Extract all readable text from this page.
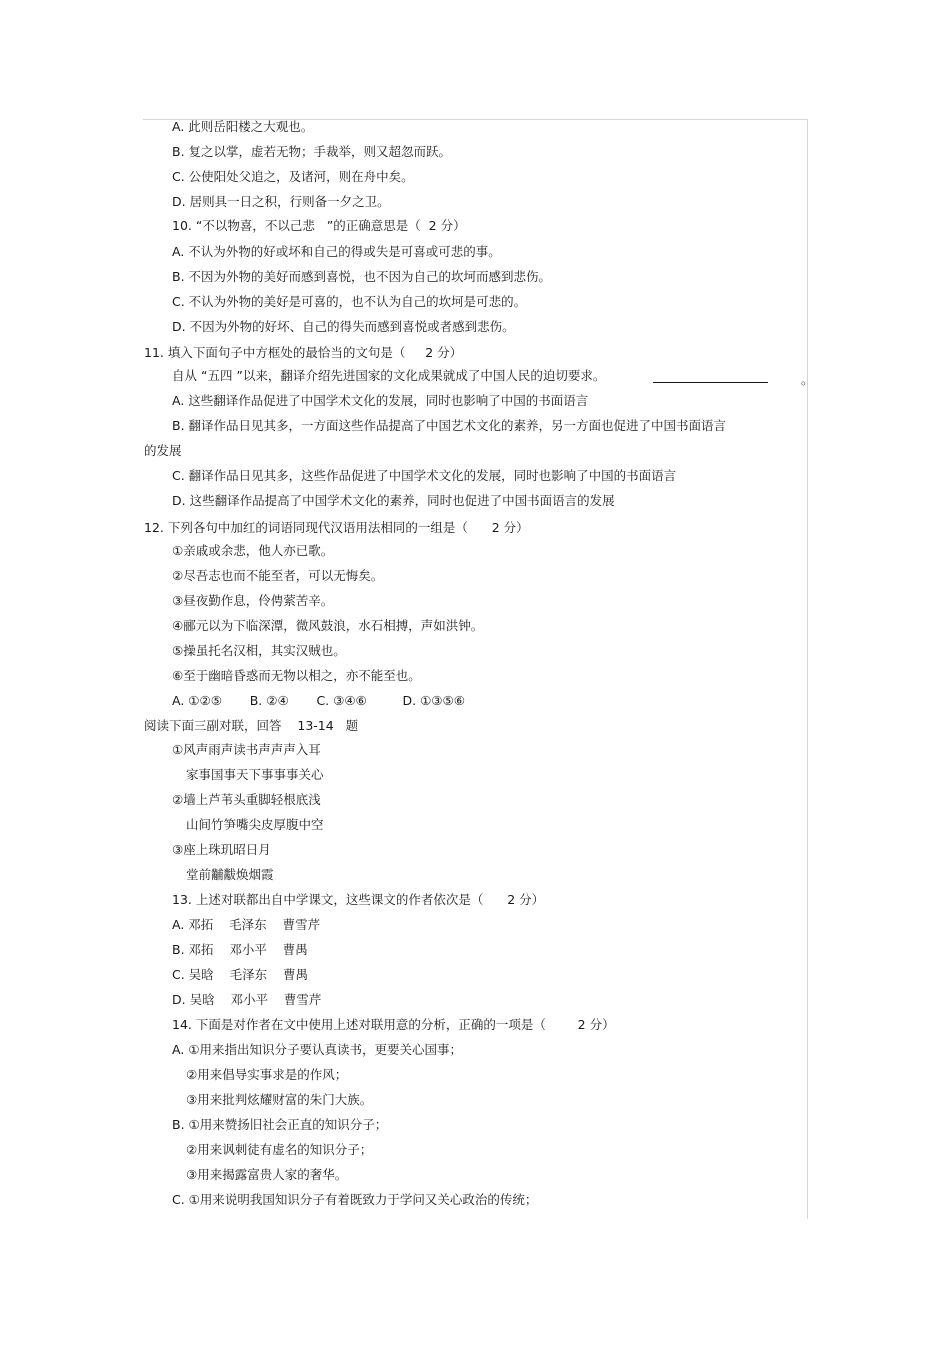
A. 此则岳阳楼之大观也。
B. 复之以掌，虚若无物；手裁举，则又超忽而跃。
C. 公使阳处父追之，及诸河，则在舟中矣。
D. 居则具一日之积，行则备一夕之卫。
10. “不以物喜，不以己悲   ”的正确意思是（  2 分）
A. 不认为外物的好或坏和自己的得或失是可喜或可悲的事。
B. 不因为外物的美好而感到喜悦，也不因为自己的坎坷而感到悲伤。
C. 不认为外物的美好是可喜的，也不认为自己的坎坷是可悲的。
D. 不因为外物的好坏、自己的得失而感到喜悦或者感到悲伤。
11. 填入下面句子中方框处的最恰当的文句是（     2 分）
自从 “五四 ”以来，翻译介绍先进国家的文化成果就成了中国人民的迫切要求。	。
A. 这些翻译作品促进了中国学术文化的发展，同时也影响了中国的书面语言
B. 翻译作品日见其多，一方面这些作品提高了中国艺术文化的素养，另一方面也促进了中国书面语言
的发展
C. 翻译作品日见其多，这些作品促进了中国学术文化的发展，同时也影响了中国的书面语言
D. 这些翻译作品提高了中国学术文化的素养，同时也促进了中国书面语言的发展
12. 下列各句中加红的词语同现代汉语用法相同的一组是（      2 分）
①亲戚或余悲，他人亦已歌。
②尽吾志也而不能至者，可以无悔矣。
③昼夜勤作息，伶俜萦苦辛。
④郦元以为下临深潭，微风鼓浪，水石相搏，声如洪钟。
⑤操虽托名汉相，其实汉贼也。
⑥至于幽暗昏惑而无物以相之，亦不能至也。
A. ①②⑤       B. ②④       C. ③④⑥         D. ①③⑤⑥
阅读下面三副对联，回答    13-14   题
①风声雨声读书声声声入耳
家事国事天下事事事关心
②墙上芦苇头重脚轻根底浅
山间竹笋嘴尖皮厚腹中空
③座上珠玑昭日月
堂前黼黻焕烟霞
13. 上述对联都出自中学课文，这些课文的作者依次是（      2 分）
A. 邓拓    毛泽东    曹雪芹
B. 邓拓    邓小平    曹禺
C. 吴晗    毛泽东    曹禺
D. 吴晗    邓小平    曹雪芹
14. 下面是对作者在文中使用上述对联用意的分析，正确的一项是（        2 分）
A. ①用来指出知识分子要认真读书，更要关心国事；
②用来倡导实事求是的作风；
③用来批判炫耀财富的朱门大族。
B. ①用来赞扬旧社会正直的知识分子；
②用来讽刺徒有虚名的知识分子；
③用来揭露富贵人家的奢华。
C. ①用来说明我国知识分子有着既致力于学问又关心政治的传统；
